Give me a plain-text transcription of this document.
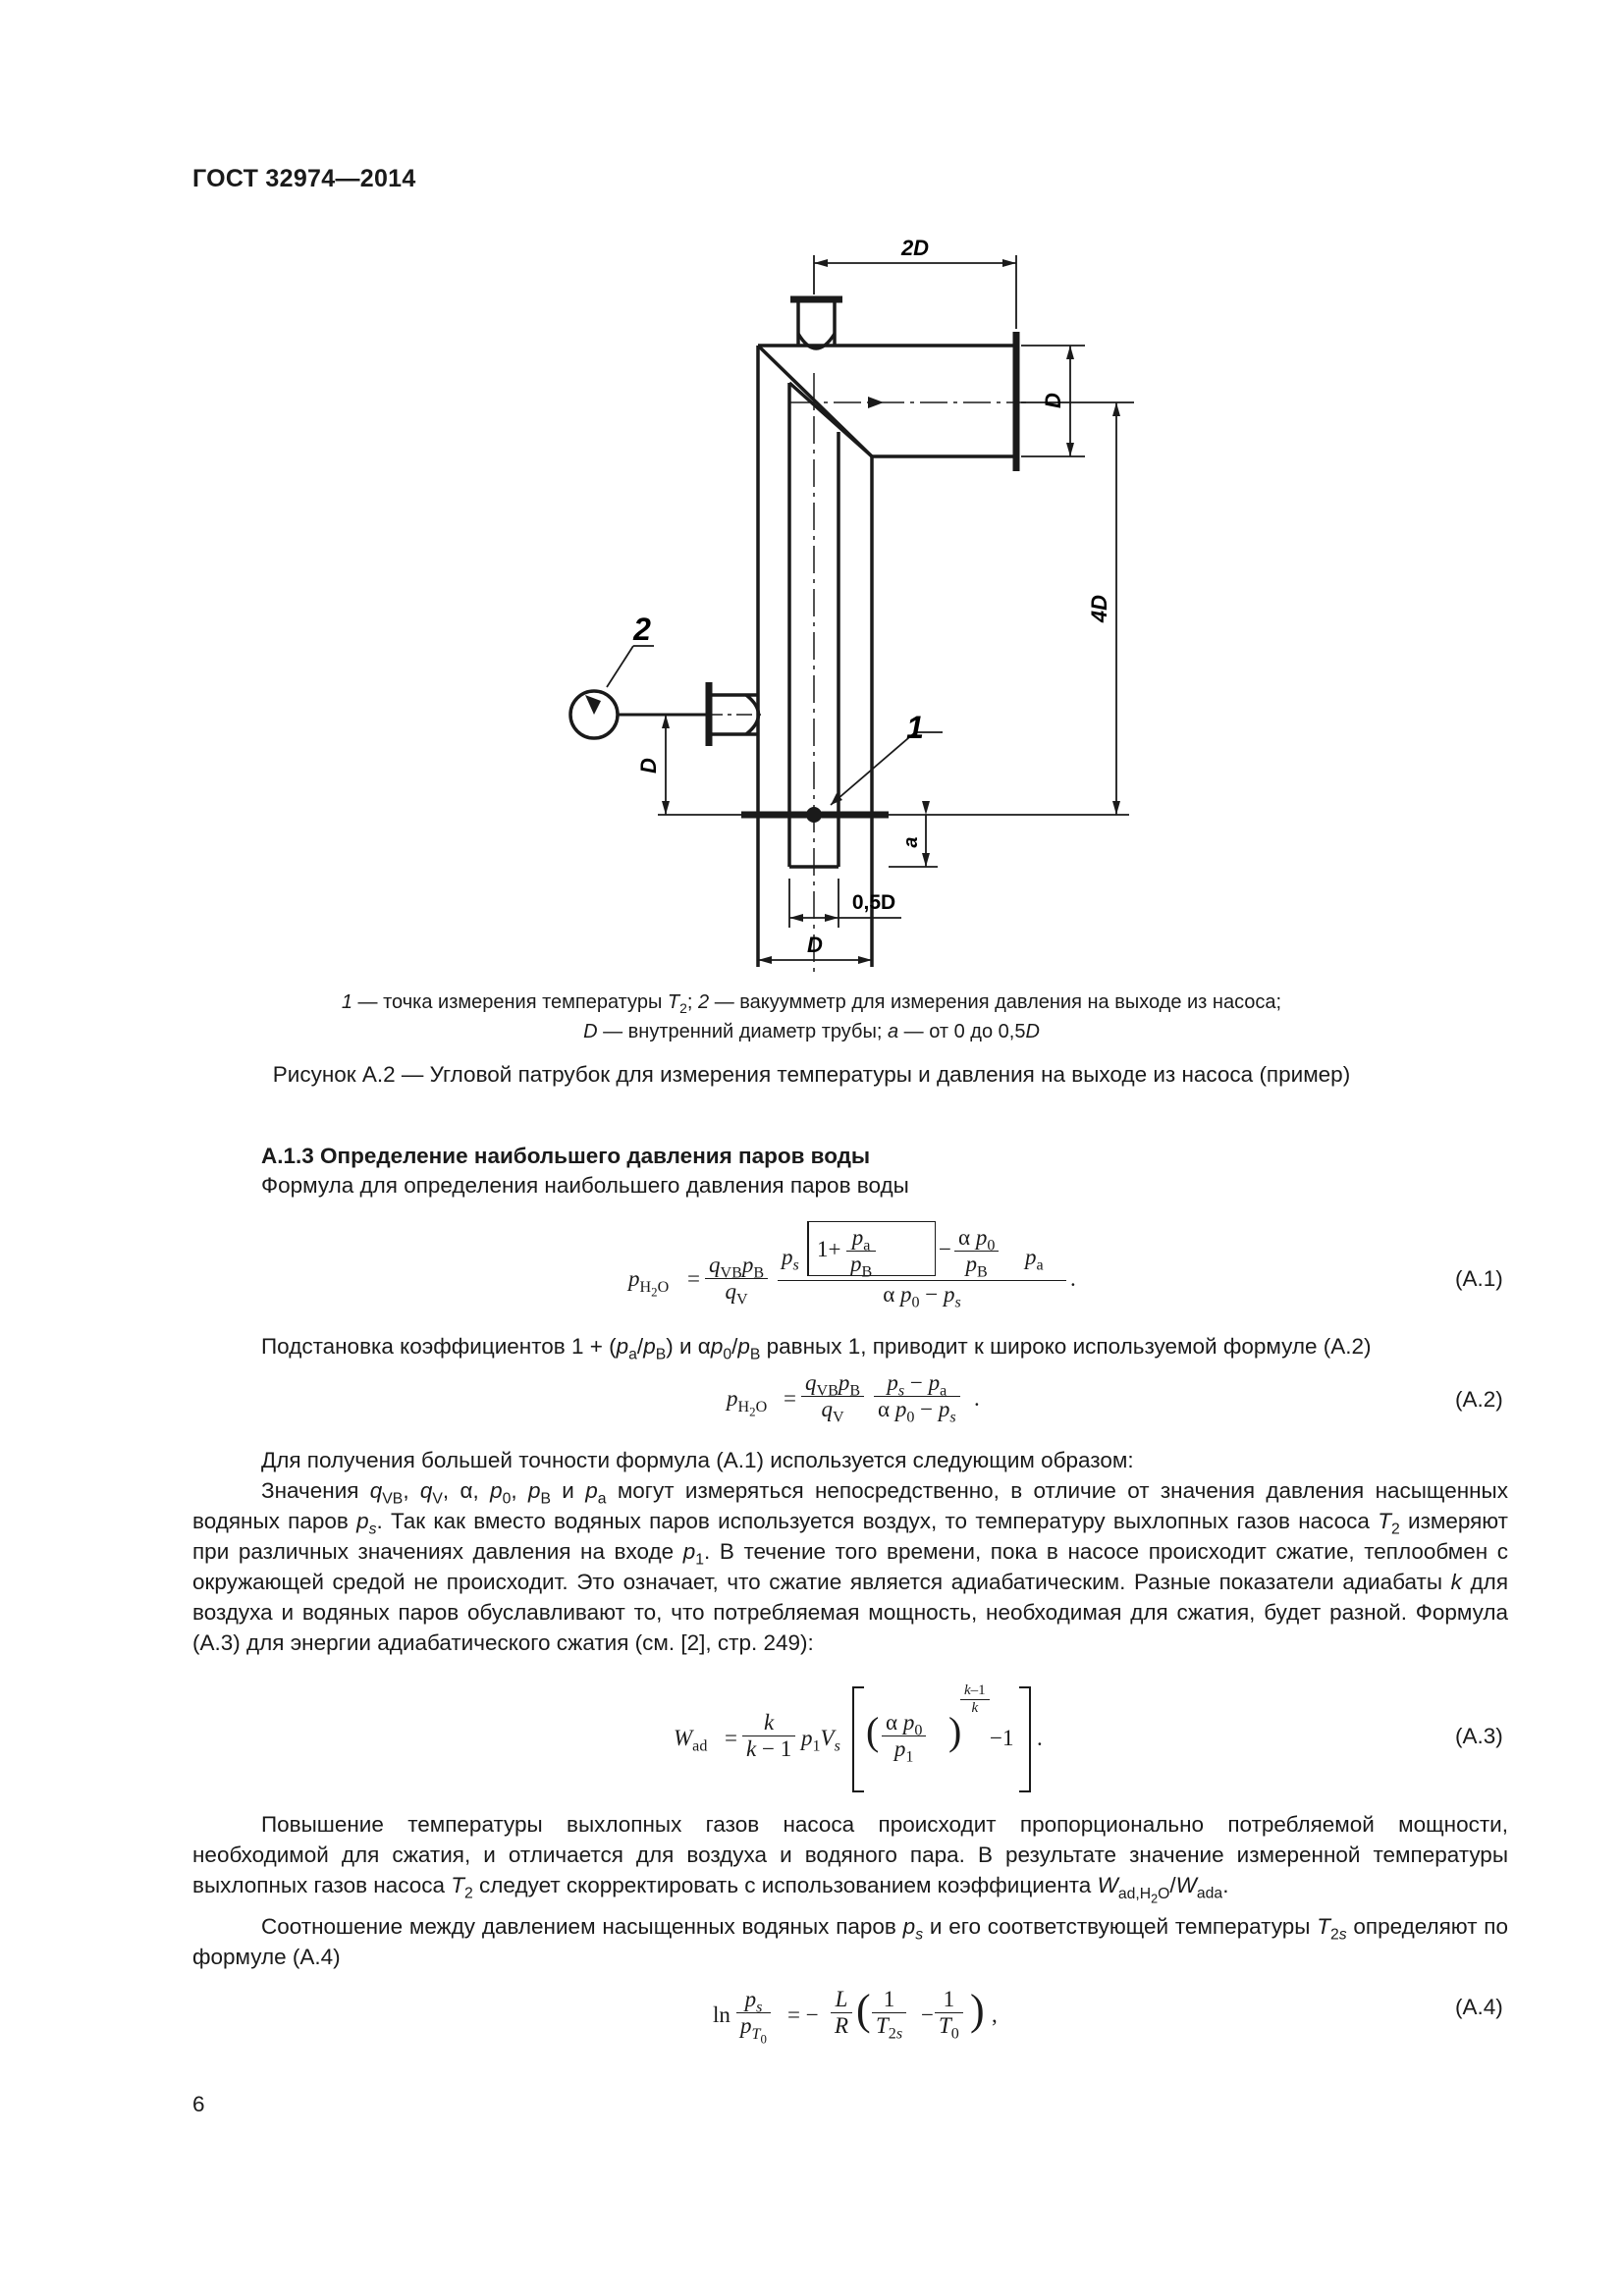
ГОСТ 32974—2014
2D
D
4D
D
a
0,5D
D
1
2
1 — точка измерения температуры $T_2$; 2 — вакуумметр для измерения давления на выходе из насоса;
D — внутренний диаметр трубы; a — от 0 до 0,5D
Рисунок А.2 — Угловой патрубок для измерения температуры и давления на выходе из насоса (пример)
А.1.3 Определение наибольшего давления паров воды
Формула для определения наибольшего давления паров воды
$p_{H_2O}$ =
$q_{VB}p_B$
$q_V$
$p_s$
$1+ \frac{p_a}{p_B}$	− $\frac{\alpha p_0}{p_B} p_a$
α $p_0 - p_s$
.	(А.1)
Подстановка коэффициентов $1 + (p_a/p_B)$ и $\alpha p_0/p_B$ равных 1, приводит к широко используемой формуле (А.2)
$p_{H_2O}$ =
$q_{VB}p_B$
$q_V$	$\frac{p_s - p_a}{\alpha p_0 - p_s}$ .	(А.2)
Для получения большей точности формула (А.1) используется следующим образом:
Значения $q_{VB}$, $q_V$, α, $p_0$, $p_B$ и $p_a$ могут измеряться непосредственно, в отличие от значения давления насыщенных водяных паров $p_s$. Так как вместо водяных паров используется воздух, то температуру выхлопных газов насоса $T_2$ измеряют при различных значениях давления на входе $p_1$. В течение того времени, пока в насосе происходит сжатие, теплообмен с окружающей средой не происходит. Это означает, что сжатие является адиабатическим. Разные показатели адиабаты k для воздуха и водяных паров обуславливают то, что потребляемая мощность, необходимая для сжатия, будет разной. Формула (А.3) для энергии адиабатического сжатия (см. [2], стр. 249):
$W_{ad} = \frac{k}{k - 1} p_1V_s$ ( $\frac{\alpha p_0}{p_1}$ )
$\frac{k-1}{k}$
−1 .	(А.3)
Повышение температуры выхлопных газов насоса происходит пропорционально потребляемой мощности, необходимой для сжатия, и отличается для воздуха и водяного пара. В результате значение измеренной температуры выхлопных газов насоса $T_2$ следует скорректировать с использованием коэффициента $W_{ad,H_2O}/W_{ada}$.
Соотношение между давлением насыщенных водяных паров $p_s$ и его соответствующей температуры $T_{2s}$ определяют по формуле (А.4)
$\ln \frac{p_s}{p_{T_0}}$ = − $\frac{L}{R}$ ( $\frac{1}{T_{2s}} - \frac{1}{T_0}$ ) ,	(А.4)
6
